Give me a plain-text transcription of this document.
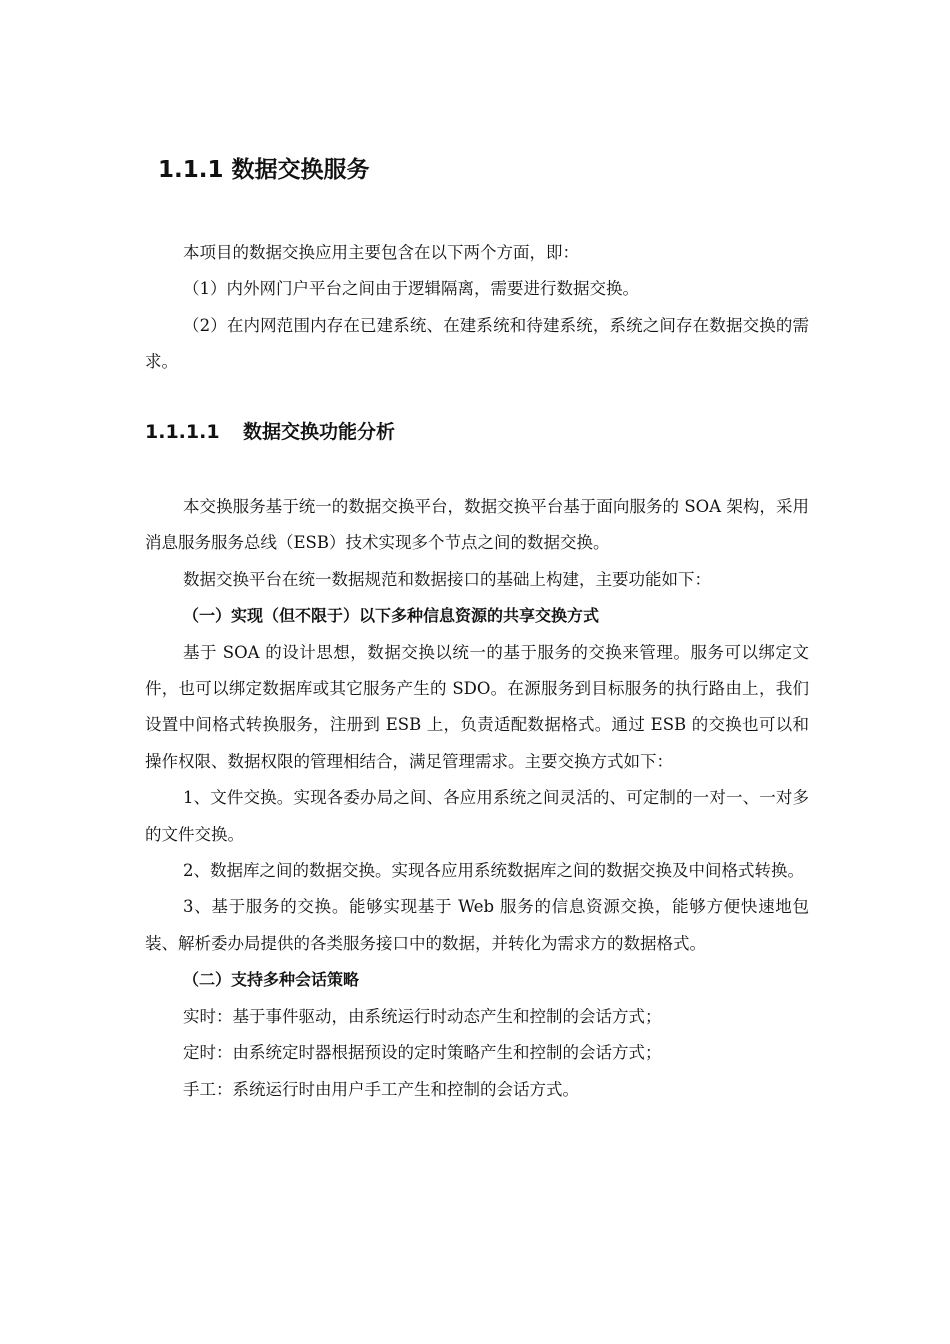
1.1.1 数据交换服务

本项目的数据交换应用主要包含在以下两个方面，即：

（1）内外网门户平台之间由于逻辑隔离，需要进行数据交换。

（2）在内网范围内存在已建系统、在建系统和待建系统，系统之间存在数据交换的需求。

1.1.1.1 数据交换功能分析

本交换服务基于统一的数据交换平台，数据交换平台基于面向服务的 SOA 架构，采用消息服务服务总线（ESB）技术实现多个节点之间的数据交换。

数据交换平台在统一数据规范和数据接口的基础上构建，主要功能如下：

（一）实现（但不限于）以下多种信息资源的共享交换方式

基于 SOA 的设计思想，数据交换以统一的基于服务的交换来管理。服务可以绑定文件，也可以绑定数据库或其它服务产生的 SDO。在源服务到目标服务的执行路由上，我们设置中间格式转换服务，注册到 ESB 上，负责适配数据格式。通过 ESB 的交换也可以和操作权限、数据权限的管理相结合，满足管理需求。主要交换方式如下：

1、文件交换。实现各委办局之间、各应用系统之间灵活的、可定制的一对一、一对多的文件交换。

2、数据库之间的数据交换。实现各应用系统数据库之间的数据交换及中间格式转换。

3、基于服务的交换。能够实现基于 Web 服务的信息资源交换，能够方便快速地包装、解析委办局提供的各类服务接口中的数据，并转化为需求方的数据格式。

（二）支持多种会话策略

实时：基于事件驱动，由系统运行时动态产生和控制的会话方式；

定时：由系统定时器根据预设的定时策略产生和控制的会话方式；

手工：系统运行时由用户手工产生和控制的会话方式。
